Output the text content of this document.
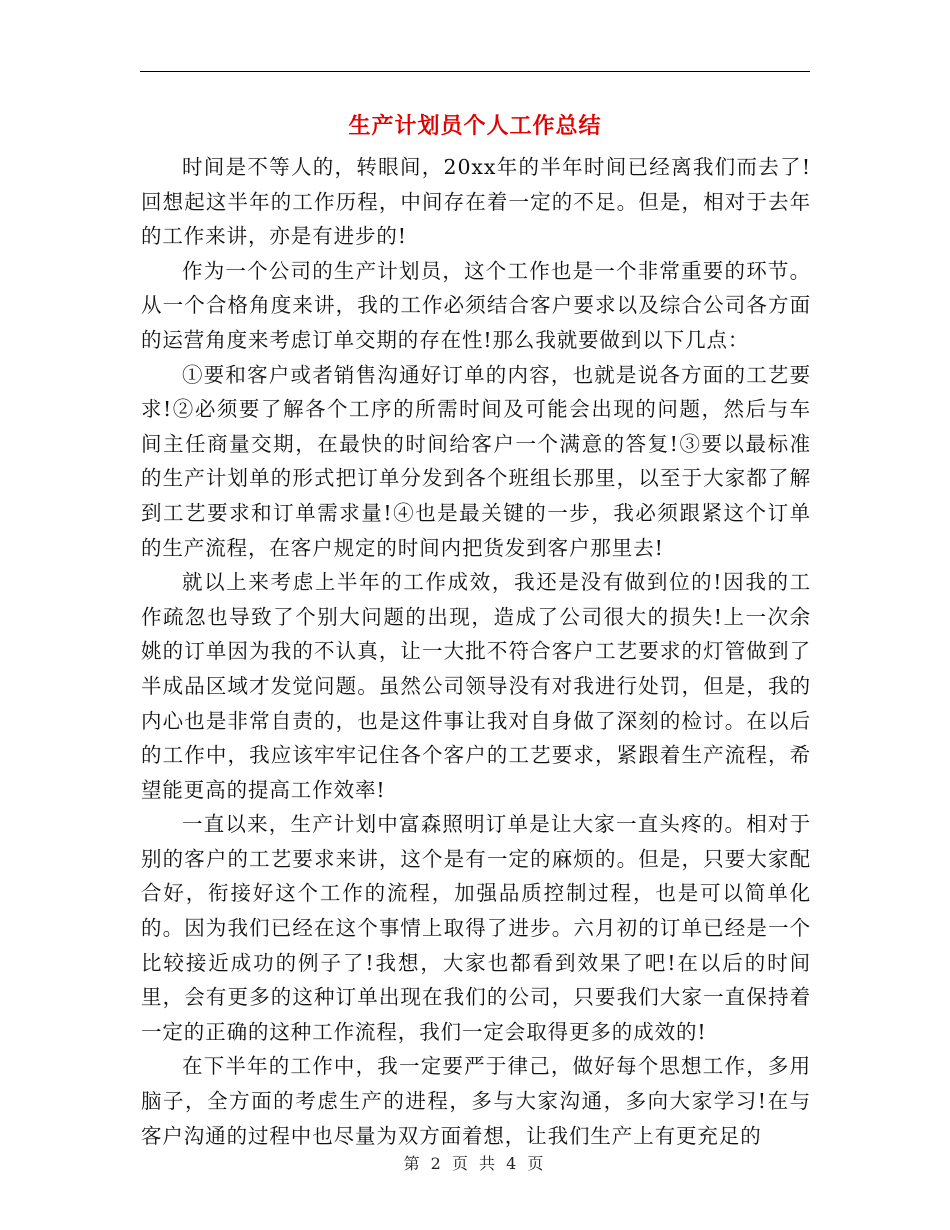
生产计划员个人工作总结

时间是不等人的，转眼间，20xx年的半年时间已经离我们而去了!回想起这半年的工作历程，中间存在着一定的不足。但是，相对于去年的工作来讲，亦是有进步的!

作为一个公司的生产计划员，这个工作也是一个非常重要的环节。从一个合格角度来讲，我的工作必须结合客户要求以及综合公司各方面的运营角度来考虑订单交期的存在性!那么我就要做到以下几点：

①要和客户或者销售沟通好订单的内容，也就是说各方面的工艺要求!②必须要了解各个工序的所需时间及可能会出现的问题，然后与车间主任商量交期，在最快的时间给客户一个满意的答复!③要以最标准的生产计划单的形式把订单分发到各个班组长那里，以至于大家都了解到工艺要求和订单需求量!④也是最关键的一步，我必须跟紧这个订单的生产流程，在客户规定的时间内把货发到客户那里去!

就以上来考虑上半年的工作成效，我还是没有做到位的!因我的工作疏忽也导致了个别大问题的出现，造成了公司很大的损失!上一次余姚的订单因为我的不认真，让一大批不符合客户工艺要求的灯管做到了半成品区域才发觉问题。虽然公司领导没有对我进行处罚，但是，我的内心也是非常自责的，也是这件事让我对自身做了深刻的检讨。在以后的工作中，我应该牢牢记住各个客户的工艺要求，紧跟着生产流程，希望能更高的提高工作效率!

一直以来，生产计划中富森照明订单是让大家一直头疼的。相对于别的客户的工艺要求来讲，这个是有一定的麻烦的。但是，只要大家配合好，衔接好这个工作的流程，加强品质控制过程，也是可以简单化的。因为我们已经在这个事情上取得了进步。六月初的订单已经是一个比较接近成功的例子了!我想，大家也都看到效果了吧!在以后的时间里，会有更多的这种订单出现在我们的公司，只要我们大家一直保持着一定的正确的这种工作流程，我们一定会取得更多的成效的!

在下半年的工作中，我一定要严于律己，做好每个思想工作，多用脑子，全方面的考虑生产的进程，多与大家沟通，多向大家学习!在与客户沟通的过程中也尽量为双方面着想，让我们生产上有更充足的

第 2 页 共 4 页
